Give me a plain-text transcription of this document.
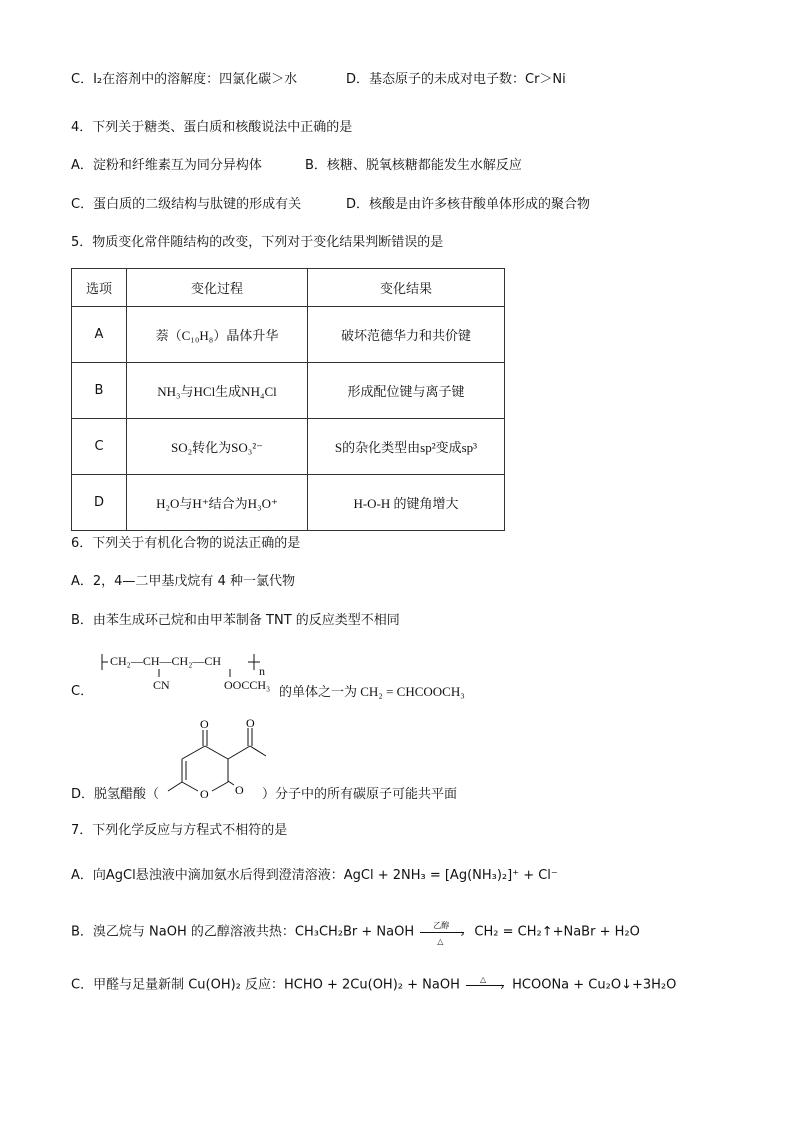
C．I₂在溶剂中的溶解度：四氯化碳＞水	D．基态原子的未成对电子数：Cr＞Ni
4．下列关于糖类、蛋白质和核酸说法中正确的是
A．淀粉和纤维素互为同分异构体	B．核糖、脱氧核糖都能发生水解反应
C．蛋白质的二级结构与肽键的形成有关	D．核酸是由许多核苷酸单体形成的聚合物
5．物质变化常伴随结构的改变，下列对于变化结果判断错误的是
选项	变化过程	变化结果
A	萘（C₁₀H₈）晶体升华	破坏范德华力和共价键
B	NH₃与HCl生成NH₄Cl	形成配位键与离子键
C	SO₂转化为SO₃²⁻	S的杂化类型由sp²变成sp³
D	H₂O与H⁺结合为H₃O⁺	H-O-H 的键角增大
6．下列关于有机化合物的说法正确的是
A．2，4—二甲基戊烷有 4 种一氯代物
B．由苯生成环己烷和由甲苯制备 TNT 的反应类型不相同
C．
CH₂—CH—CH₂—CH
n
CN	OOCCH₃ 的单体之一为 CH₂ = CHCOOCH₃
O	O
O O
D．脱氢醋酸（	）分子中的所有碳原子可能共平面
7．下列化学反应与方程式不相符的是
A．向AgCl悬浊液中滴加氨水后得到澄清溶液：AgCl + 2NH₃ = [Ag(NH₃)₂]⁺ + Cl⁻
B．溴乙烷与 NaOH 的乙醇溶液共热：CH₃CH₂Br + NaOH 乙醇
›
△
CH₂ = CH₂↑+NaBr + H₂O
C．甲醛与足量新制 Cu(OH)₂ 反应：HCHO + 2Cu(OH)₂ + NaOH	△
› HCOONa + Cu₂O↓+3H₂O
